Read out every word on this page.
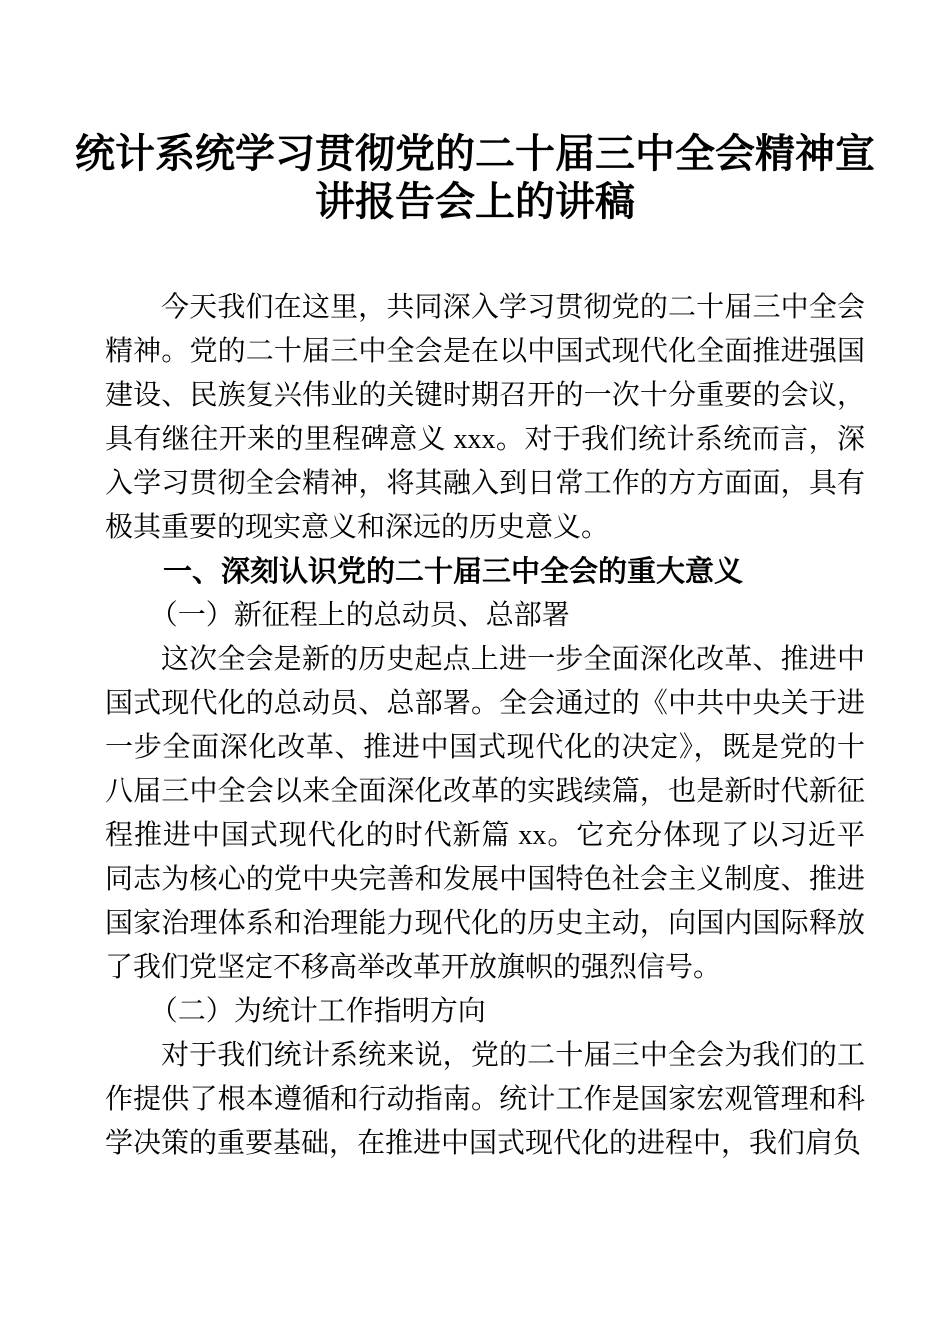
统计系统学习贯彻党的二十届三中全会精神宣
讲报告会上的讲稿

今天我们在这里，共同深入学习贯彻党的二十届三中全会精神。党的二十届三中全会是在以中国式现代化全面推进强国建设、民族复兴伟业的关键时期召开的一次十分重要的会议，具有继往开来的里程碑意义 xxx。对于我们统计系统而言，深入学习贯彻全会精神，将其融入到日常工作的方方面面，具有极其重要的现实意义和深远的历史意义。

一、深刻认识党的二十届三中全会的重大意义
（一）新征程上的总动员、总部署

这次全会是新的历史起点上进一步全面深化改革、推进中国式现代化的总动员、总部署。全会通过的《中共中央关于进一步全面深化改革、推进中国式现代化的决定》，既是党的十八届三中全会以来全面深化改革的实践续篇，也是新时代新征程推进中国式现代化的时代新篇 xx。它充分体现了以习近平同志为核心的党中央完善和发展中国特色社会主义制度、推进国家治理体系和治理能力现代化的历史主动，向国内国际释放了我们党坚定不移高举改革开放旗帜的强烈信号。

（二）为统计工作指明方向

对于我们统计系统来说，党的二十届三中全会为我们的工作提供了根本遵循和行动指南。统计工作是国家宏观管理和科学决策的重要基础，在推进中国式现代化的进程中，我们肩负
